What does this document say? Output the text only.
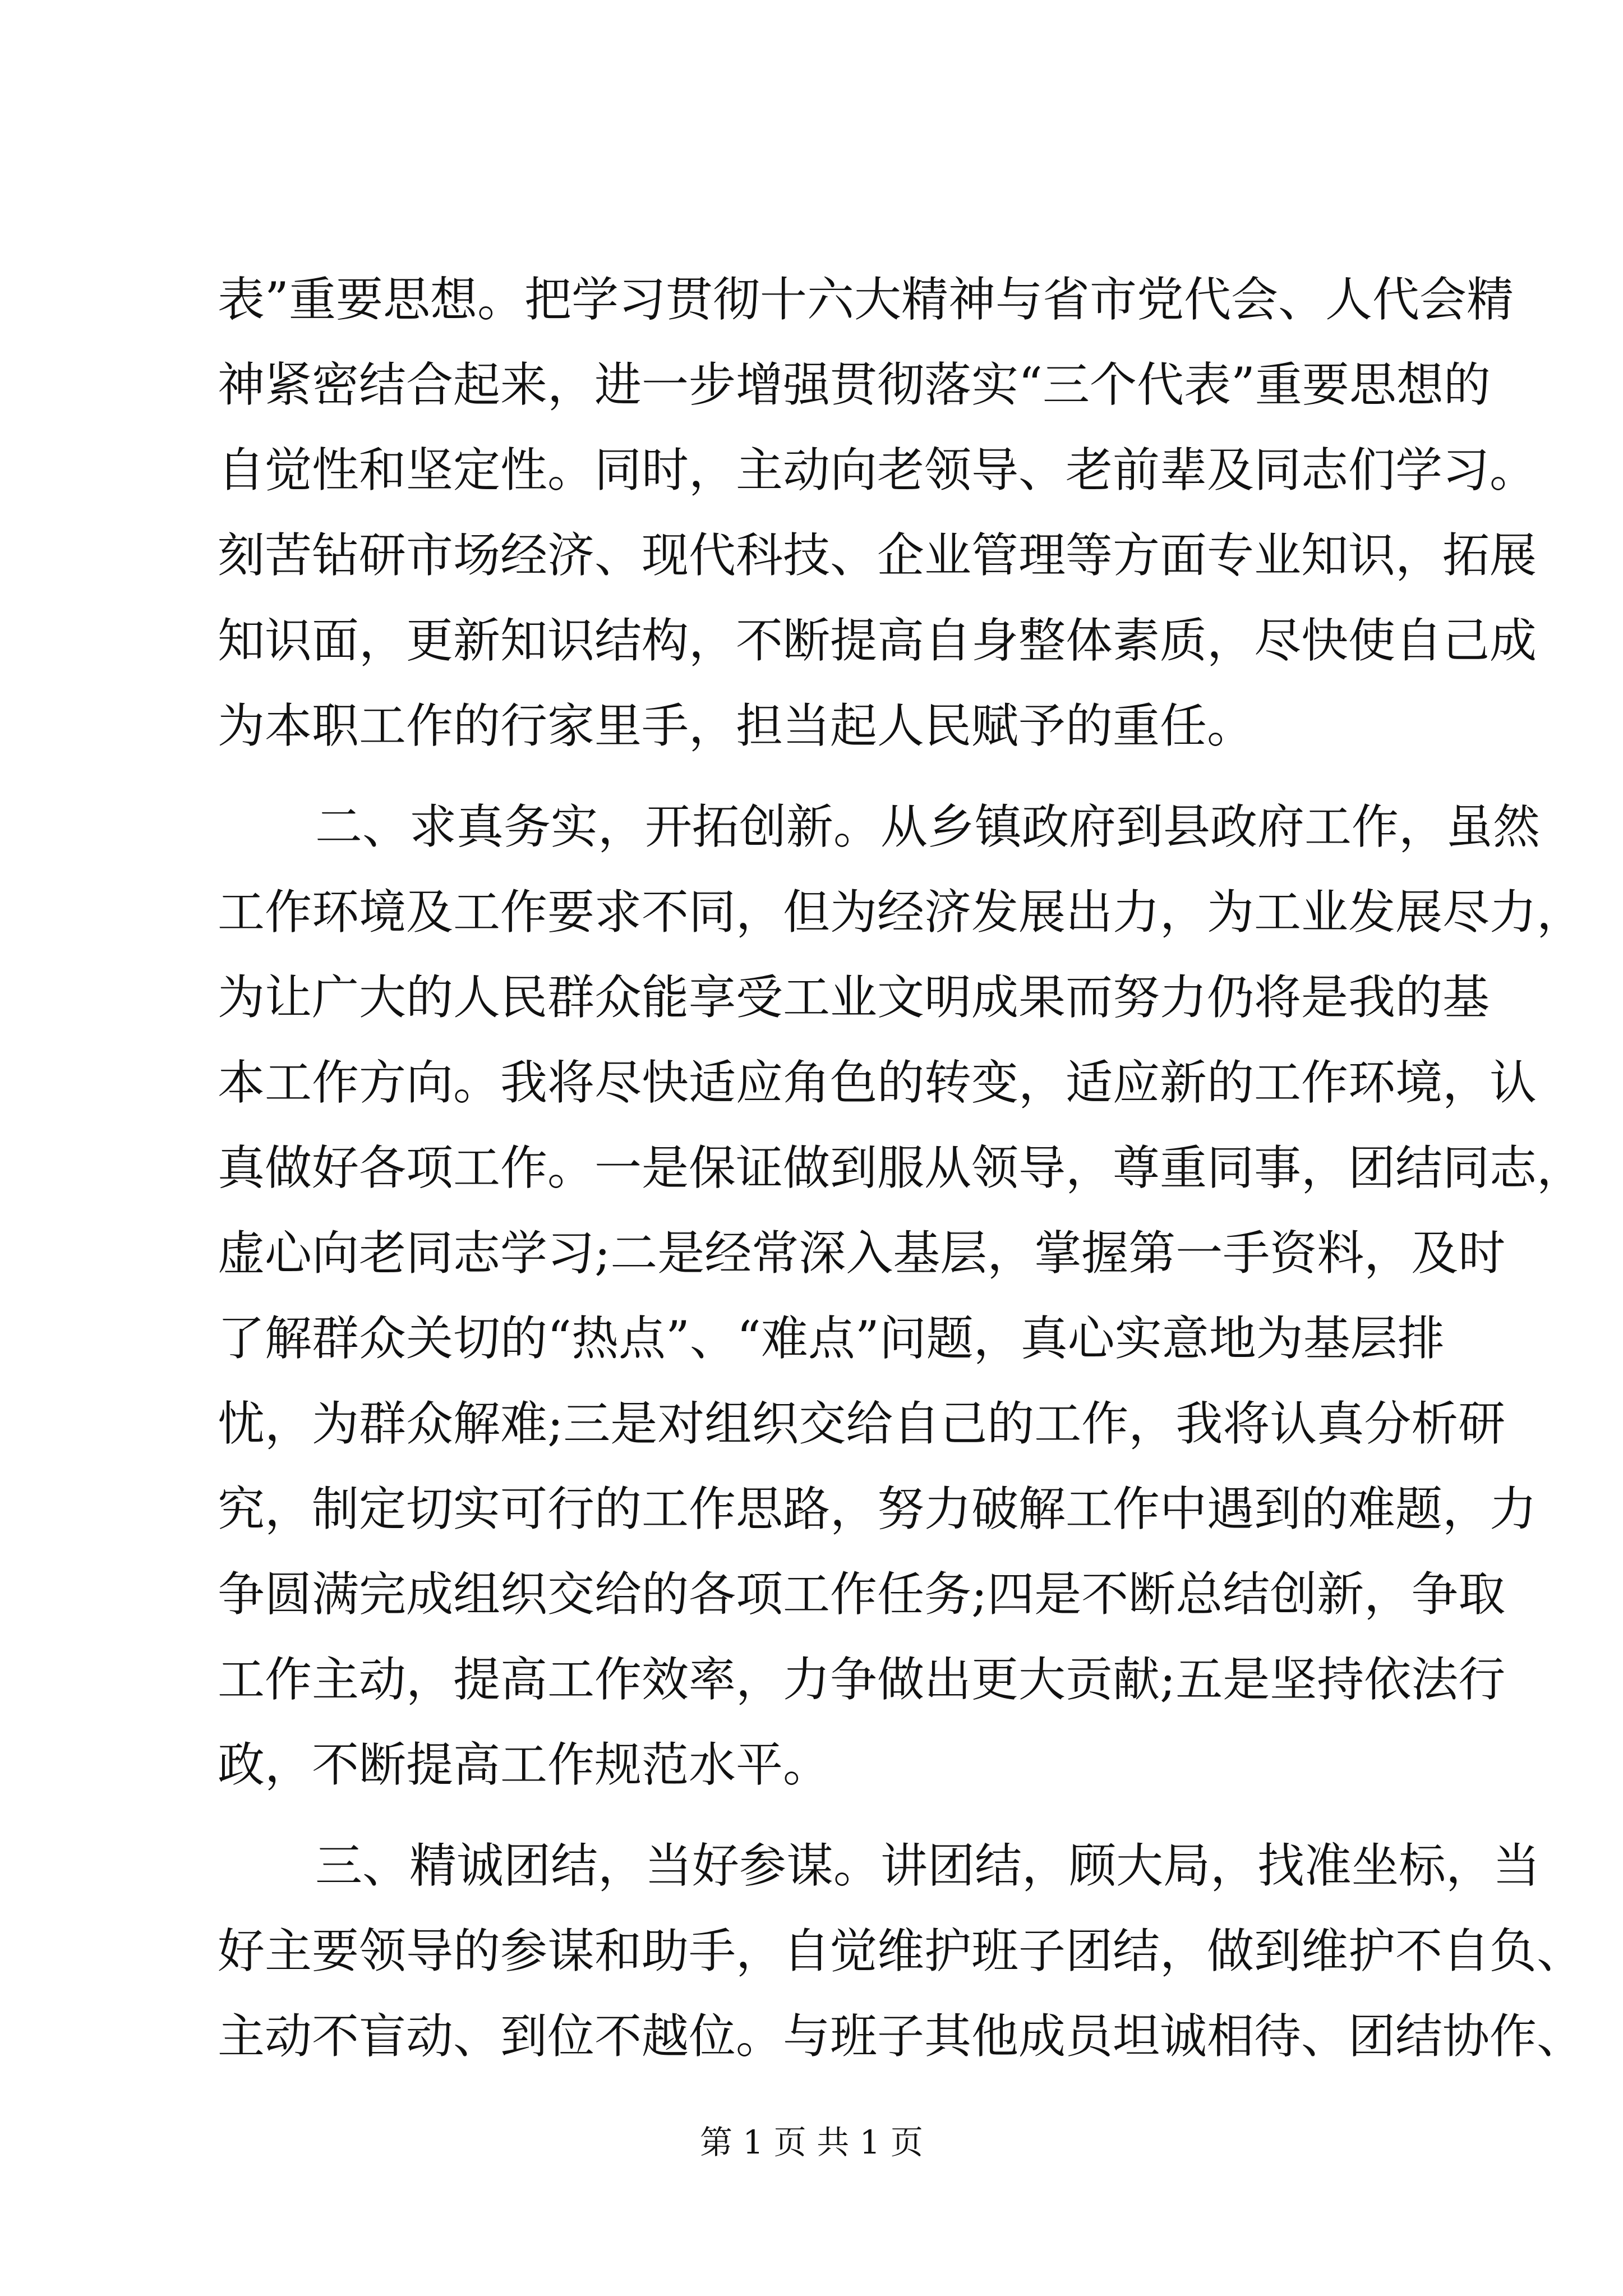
表”重要思想。把学习贯彻十六大精神与省市党代会、人代会精
神紧密结合起来，进一步增强贯彻落实“三个代表”重要思想的
自觉性和坚定性。同时，主动向老领导、老前辈及同志们学习。
刻苦钻研市场经济、现代科技、企业管理等方面专业知识，拓展
知识面，更新知识结构，不断提高自身整体素质，尽快使自己成
为本职工作的行家里手，担当起人民赋予的重任。
二、求真务实，开拓创新。从乡镇政府到县政府工作，虽然
工作环境及工作要求不同，但为经济发展出力，为工业发展尽力，
为让广大的人民群众能享受工业文明成果而努力仍将是我的基
本工作方向。我将尽快适应角色的转变，适应新的工作环境，认
真做好各项工作。一是保证做到服从领导，尊重同事，团结同志，
虚心向老同志学习;二是经常深入基层，掌握第一手资料，及时
了解群众关切的“热点”、“难点”问题，真心实意地为基层排
忧，为群众解难;三是对组织交给自己的工作，我将认真分析研
究，制定切实可行的工作思路，努力破解工作中遇到的难题，力
争圆满完成组织交给的各项工作任务;四是不断总结创新，争取
工作主动，提高工作效率，力争做出更大贡献;五是坚持依法行
政，不断提高工作规范水平。
三、精诚团结，当好参谋。讲团结，顾大局，找准坐标，当
好主要领导的参谋和助手，自觉维护班子团结，做到维护不自负、
主动不盲动、到位不越位。与班子其他成员坦诚相待、团结协作、
第 1 页 共 1 页
